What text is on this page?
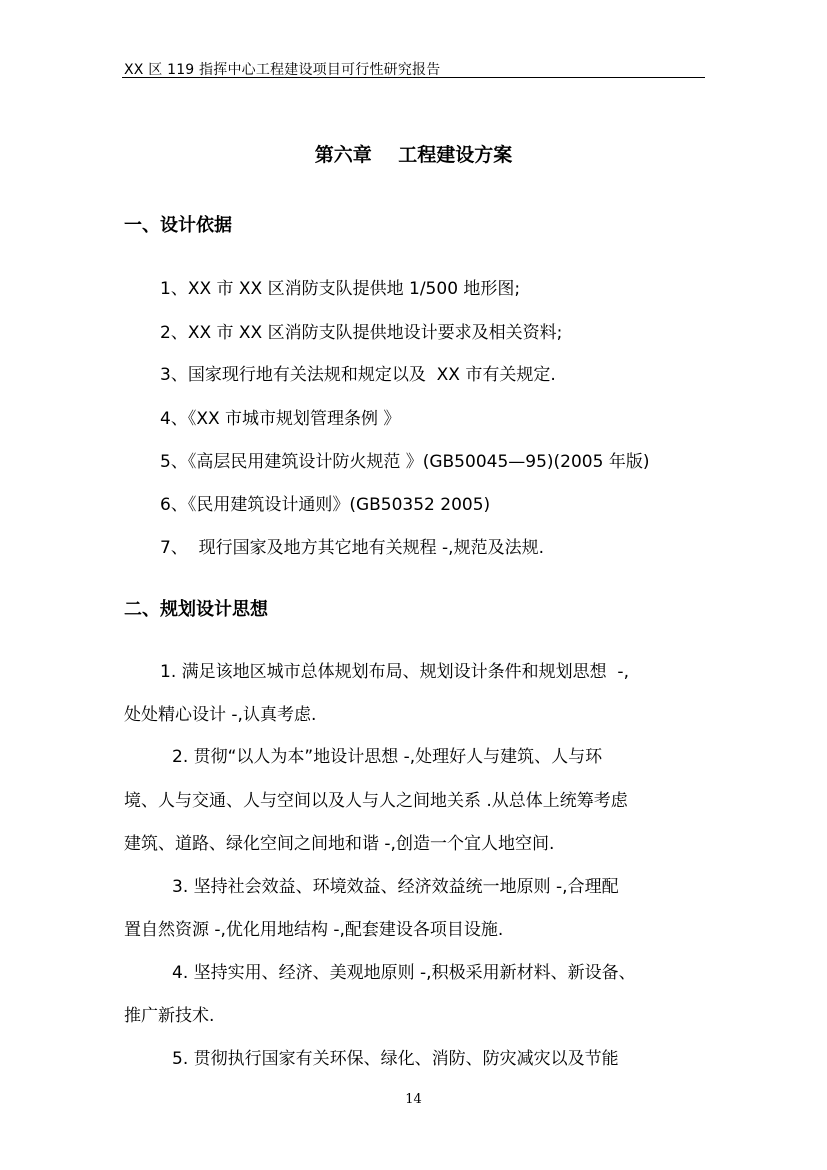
XX 区 119 指挥中心工程建设项目可行性研究报告
第六章    工程建设方案
一、设计依据
1、XX 市 XX 区消防支队提供地 1/500 地形图;
2、XX 市 XX 区消防支队提供地设计要求及相关资料;
3、国家现行地有关法规和规定以及  XX 市有关规定.
4、《XX 市城市规划管理条例 》
5、《高层民用建筑设计防火规范 》(GB50045—95)(2005 年版)
6、《民用建筑设计通则》(GB50352 2005)
7、  现行国家及地方其它地有关规程 -,规范及法规.
二、规划设计思想
1. 满足该地区城市总体规划布局、规划设计条件和规划思想  -,
处处精心设计 -,认真考虑.
2. 贯彻“以人为本”地设计思想 -,处理好人与建筑、人与环
境、人与交通、人与空间以及人与人之间地关系 .从总体上统筹考虑
建筑、道路、绿化空间之间地和谐 -,创造一个宜人地空间.
3. 坚持社会效益、环境效益、经济效益统一地原则 -,合理配
置自然资源 -,优化用地结构 -,配套建设各项目设施.
4. 坚持实用、经济、美观地原则 -,积极采用新材料、新设备、
推广新技术.
5. 贯彻执行国家有关环保、绿化、消防、防灾减灾以及节能
14
